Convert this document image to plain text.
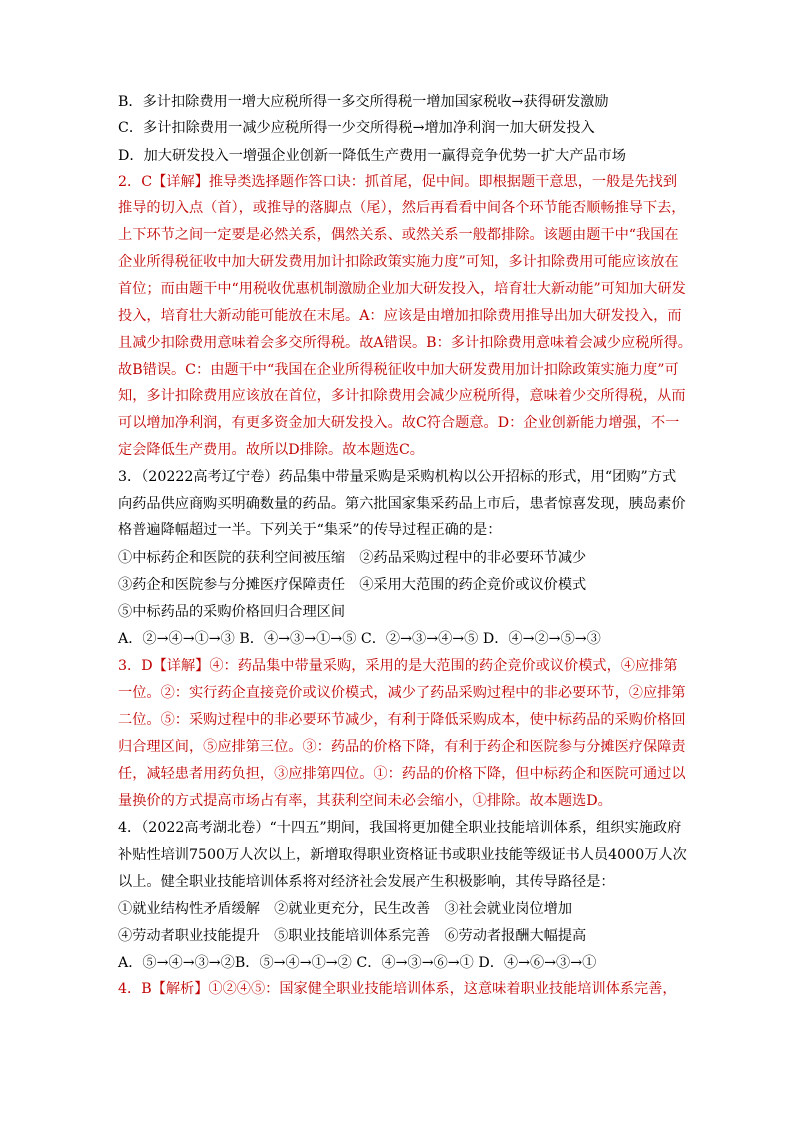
B．多计扣除费用一增大应税所得一多交所得税一增加国家税收→获得研发激励
C．多计扣除费用一减少应税所得一少交所得税→增加净利润一加大研发投入
D．加大研发投入一增强企业创新一降低生产费用一赢得竞争优势一扩大产品市场
2．C【详解】推导类选择题作答口诀：抓首尾，促中间。即根据题干意思，一般是先找到
推导的切入点（首），或推导的落脚点（尾），然后再看看中间各个环节能否顺畅推导下去，
上下环节之间一定要是必然关系，偶然关系、或然关系一般都排除。该题由题干中“我国在
企业所得税征收中加大研发费用加计扣除政策实施力度”可知，多计扣除费用可能应该放在
首位；而由题干中“用税收优惠机制激励企业加大研发投入，培育壮大新动能”可知加大研发
投入，培育壮大新动能可能放在末尾。A：应该是由增加扣除费用推导出加大研发投入，而
且减少扣除费用意味着会多交所得税。故A错误。B：多计扣除费用意味着会减少应税所得。
故B错误。C：由题干中“我国在企业所得税征收中加大研发费用加计扣除政策实施力度”可
知，多计扣除费用应该放在首位，多计扣除费用会减少应税所得，意味着少交所得税，从而
可以增加净利润，有更多资金加大研发投入。故C符合题意。D：企业创新能力增强，不一
定会降低生产费用。故所以D排除。故本题选C。
3．（20222高考辽宁卷）药品集中带量采购是采购机构以公开招标的形式，用“团购”方式
向药品供应商购买明确数量的药品。第六批国家集采药品上市后，患者惊喜发现，胰岛素价
格普遍降幅超过一半。下列关于“集采”的传导过程正确的是：
①中标药企和医院的获利空间被压缩　②药品采购过程中的非必要环节减少
③药企和医院参与分摊医疗保障责任　④采用大范围的药企竞价或议价模式
⑤中标药品的采购价格回归合理区间
A．②→④→①→③ B．④→③→①→⑤ C．②→③→④→⑤ D．④→②→⑤→③
3．D【详解】④：药品集中带量采购，采用的是大范围的药企竞价或议价模式，④应排第
一位。②：实行药企直接竞价或议价模式，减少了药品采购过程中的非必要环节，②应排第
二位。⑤：采购过程中的非必要环节减少，有利于降低采购成本，使中标药品的采购价格回
归合理区间，⑤应排第三位。③：药品的价格下降，有利于药企和医院参与分摊医疗保障责
任，减轻患者用药负担，③应排第四位。①：药品的价格下降，但中标药企和医院可通过以
量换价的方式提高市场占有率，其获利空间未必会缩小，①排除。故本题选D。
4．（2022高考湖北卷）“十四五”期间，我国将更加健全职业技能培训体系，组织实施政府
补贴性培训7500万人次以上，新增取得职业资格证书或职业技能等级证书人员4000万人次
以上。健全职业技能培训体系将对经济社会发展产生积极影响，其传导路径是：
①就业结构性矛盾缓解　②就业更充分，民生改善　③社会就业岗位增加
④劳动者职业技能提升　⑤职业技能培训体系完善　⑥劳动者报酬大幅提高
A．⑤→④→③→②B．⑤→④→①→② C．④→③→⑥→① D．④→⑥→③→①
4．B【解析】①②④⑤：国家健全职业技能培训体系，这意味着职业技能培训体系完善，
